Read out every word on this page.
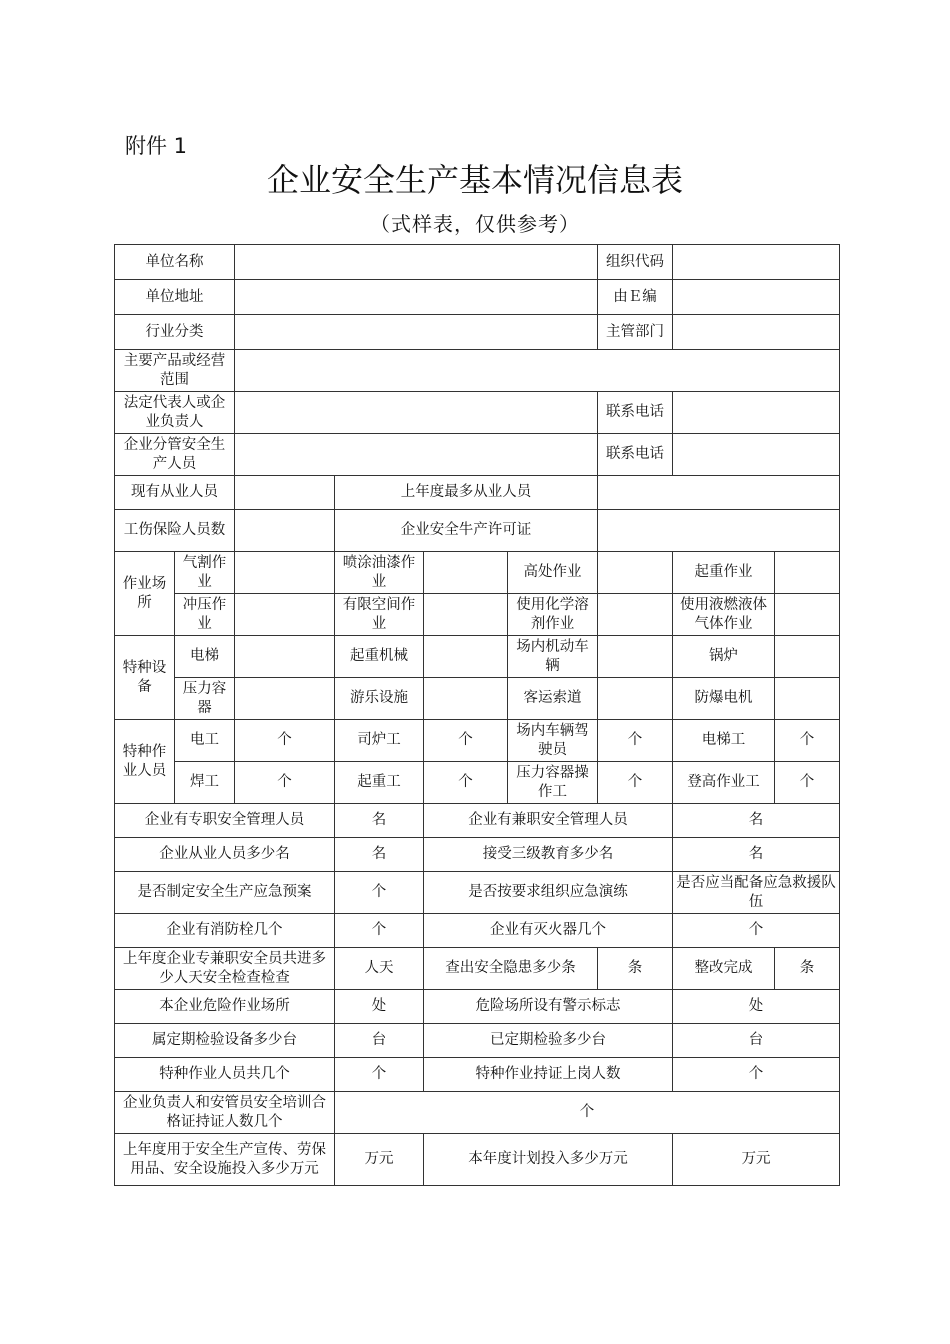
附件 1
企业安全生产基本情况信息表
（式样表，仅供参考）
单位名称						组织代码		
单位地址						由Ｅ编		
行业分类						主管部门		
主要产品或经营范围								
法定代表人或企业负责人						联系电话		
企业分管安全生产人员						联系电话		
现有从业人员			上年度最多从业人员					
工伤保险人员数			企业安全牛产许可证					
作业场所	气割作业		喷涂油漆作业		高处作业		起重作业	
	冲压作业		有限空间作业		使用化学溶剂作业		使用液燃液体气体作业	
特种设备	电梯		起重机械		场内机动车辆		锅炉	
	压力容器		游乐设施		客运索道		防爆电机	
特种作业人员	电工	个	司炉工	个	场内车辆驾驶员	个	电梯工	个
	焊工	个	起重工	个	压力容器操作工	个	登高作业工	个
企业有专职安全管理人员			名	企业有兼职安全管理人员			名	
企业从业人员多少名			名	接受三级教育多少名			名	
是否制定安全生产应急预案			个	是否按要求组织应急演练			是否应当配备应急救援队伍	
企业有消防栓几个			个	企业有灭火器几个			个	
上年度企业专兼职安全员共进多少人天安全检查检查			人天	查出安全隐患多少条		条	整改完成	条
本企业危险作业场所			处	危险场所设有警示标志			处	
属定期检验设备多少台			台	已定期检验多少台			台	
特种作业人员共几个			个	特种作业持证上岗人数			个	
企业负责人和安管员安全培训合格证持证人数几个			个					
上年度用于安全生产宣传、劳保用品、安全设施投入多少万元			万元	本年度计划投入多少万元			万元	
